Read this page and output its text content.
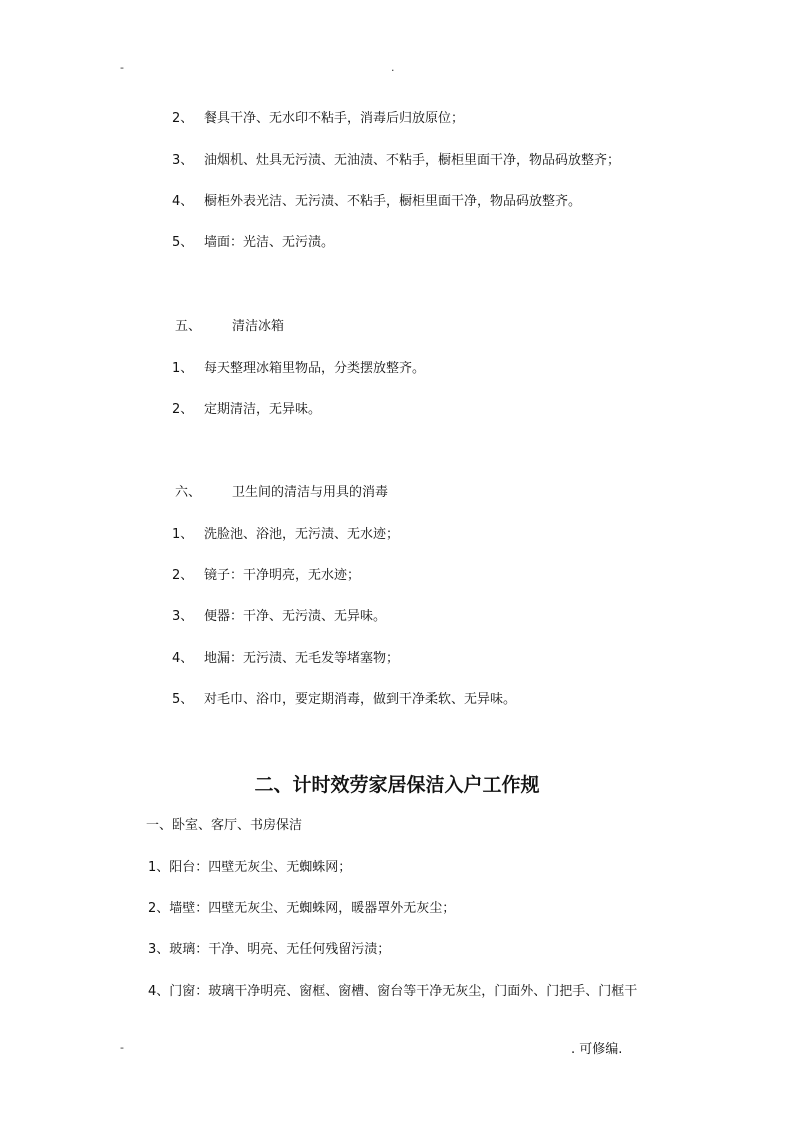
-	.
2、 餐具干净、无水印不粘手，消毒后归放原位；
3、 油烟机、灶具无污渍、无油渍、不粘手，橱柜里面干净，物品码放整齐；
4、 橱柜外表光洁、无污渍、不粘手，橱柜里面干净，物品码放整齐。
5、 墙面：光洁、无污渍。
五、 清洁冰箱
1、 每天整理冰箱里物品，分类摆放整齐。
2、 定期清洁，无异味。
六、 卫生间的清洁与用具的消毒
1、 洗脸池、浴池，无污渍、无水迹；
2、 镜子：干净明亮，无水迹；
3、 便器：干净、无污渍、无异味。
4、 地漏：无污渍、无毛发等堵塞物；
5、 对毛巾、浴巾，要定期消毒，做到干净柔软、无异味。
二、计时效劳家居保洁入户工作规
一、卧室、客厅、书房保洁
1、阳台：四壁无灰尘、无蜘蛛网；
2、墙壁：四壁无灰尘、无蜘蛛网，暖器罩外无灰尘；
3、玻璃：干净、明亮、无任何残留污渍；
4、门窗：玻璃干净明亮、窗框、窗槽、窗台等干净无灰尘，门面外、门把手、门框干
-	. 可修编.
